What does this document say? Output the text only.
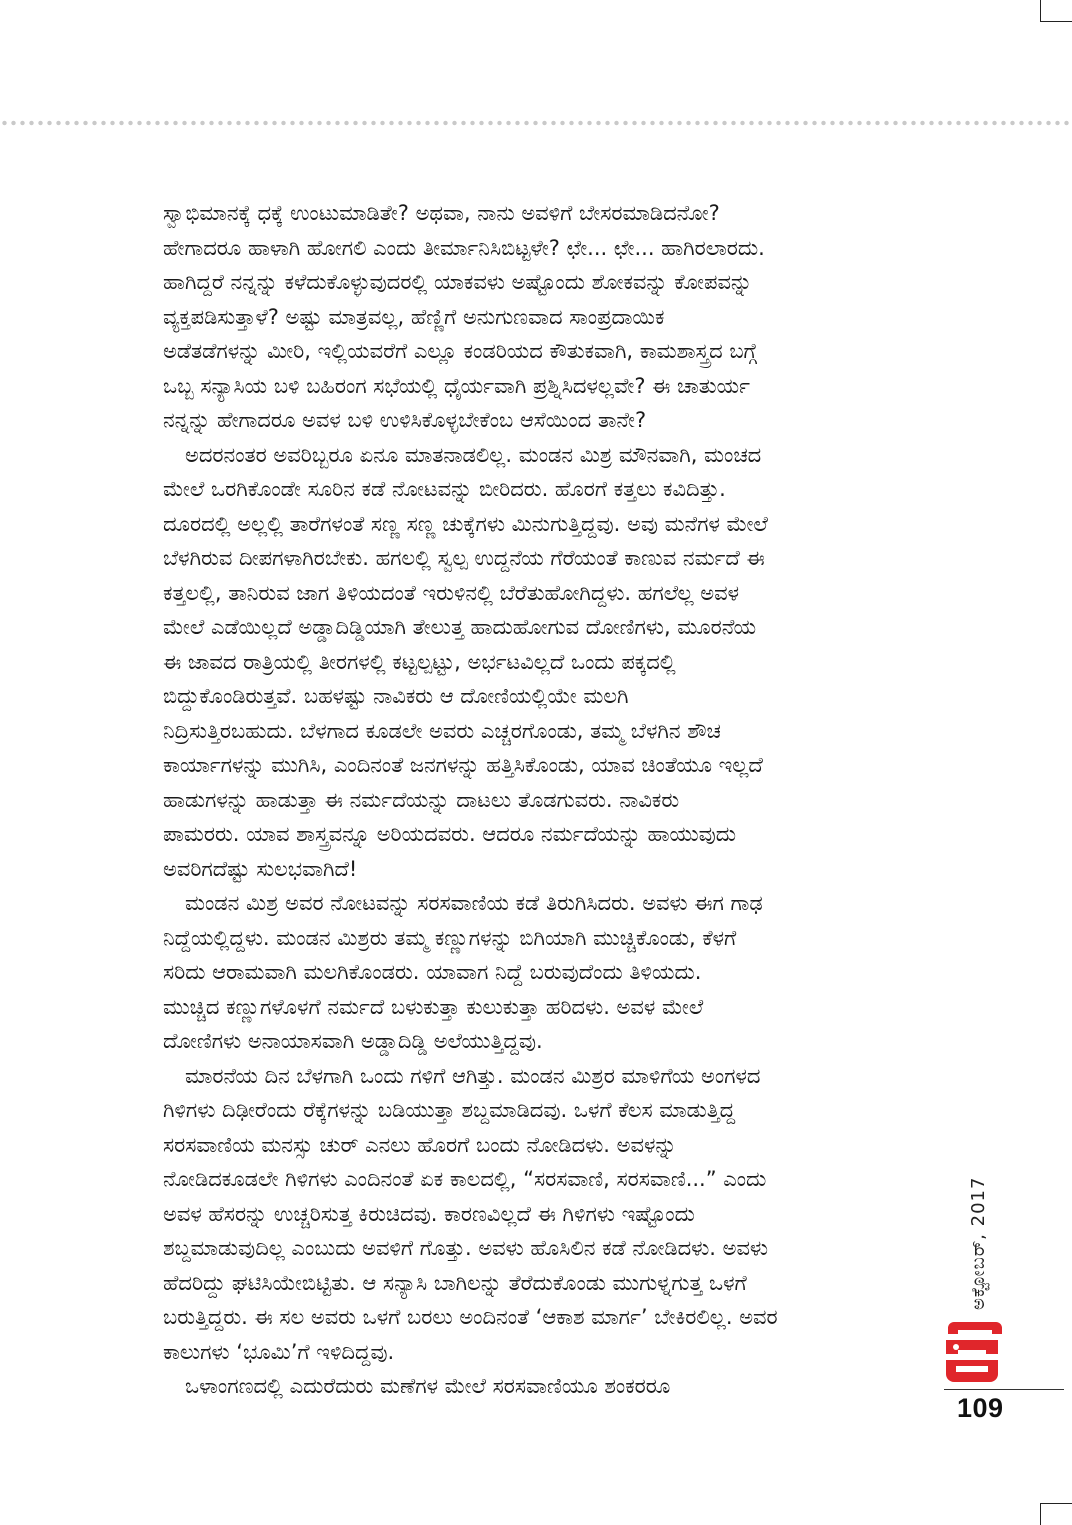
ಸ್ವಾಭಿಮಾನಕ್ಕೆ ಧಕ್ಕೆ ಉಂಟುಮಾಡಿತೇ? ಅಥವಾ, ನಾನು ಅವಳಿಗೆ ಬೇಸರಮಾಡಿದನೋ?
ಹೇಗಾದರೂ ಹಾಳಾಗಿ ಹೋಗಲಿ ಎಂದು ತೀರ್ಮಾನಿಸಿಬಿಟ್ಟಳೇ? ಛೇ... ಛೇ... ಹಾಗಿರಲಾರದು.
ಹಾಗಿದ್ದರೆ ನನ್ನನ್ನು ಕಳೆದುಕೊಳ್ಳುವುದರಲ್ಲಿ ಯಾಕವಳು ಅಷ್ಟೊಂದು ಶೋಕವನ್ನು ಕೋಪವನ್ನು
ವ್ಯಕ್ತಪಡಿಸುತ್ತಾಳೆ? ಅಷ್ಟು ಮಾತ್ರವಲ್ಲ, ಹೆಣ್ಣಿಗೆ ಅನುಗುಣವಾದ ಸಾಂಪ್ರದಾಯಿಕ
ಅಡೆತಡೆಗಳನ್ನು ಮೀರಿ, ಇಲ್ಲಿಯವರೆಗೆ ಎಲ್ಲೂ ಕಂಡರಿಯದ ಕೌತುಕವಾಗಿ, ಕಾಮಶಾಸ್ತ್ರದ ಬಗ್ಗೆ
ಒಬ್ಬ ಸನ್ಯಾಸಿಯ ಬಳಿ ಬಹಿರಂಗ ಸಭೆಯಲ್ಲಿ ಧೈರ್ಯವಾಗಿ ಪ್ರಶ್ನಿಸಿದಳಲ್ಲವೇ? ಈ ಚಾತುರ್ಯ
ನನ್ನನ್ನು ಹೇಗಾದರೂ ಅವಳ ಬಳಿ ಉಳಿಸಿಕೊಳ್ಳಬೇಕೆಂಬ ಆಸೆಯಿಂದ ತಾನೇ?
ಅದರನಂತರ ಅವರಿಬ್ಬರೂ ಏನೂ ಮಾತನಾಡಲಿಲ್ಲ. ಮಂಡನ ಮಿಶ್ರ ಮೌನವಾಗಿ, ಮಂಚದ
ಮೇಲೆ ಒರಗಿಕೊಂಡೇ ಸೂರಿನ ಕಡೆ ನೋಟವನ್ನು ಬೀರಿದರು. ಹೊರಗೆ ಕತ್ತಲು ಕವಿದಿತ್ತು.
ದೂರದಲ್ಲಿ ಅಲ್ಲಲ್ಲಿ ತಾರೆಗಳಂತೆ ಸಣ್ಣ ಸಣ್ಣ ಚುಕ್ಕೆಗಳು ಮಿನುಗುತ್ತಿದ್ದವು. ಅವು ಮನೆಗಳ ಮೇಲೆ
ಬೆಳಗಿರುವ ದೀಪಗಳಾಗಿರಬೇಕು. ಹಗಲಲ್ಲಿ ಸ್ವಲ್ಪ ಉದ್ದನೆಯ ಗೆರೆಯಂತೆ ಕಾಣುವ ನರ್ಮದೆ ಈ
ಕತ್ತಲಲ್ಲಿ, ತಾನಿರುವ ಜಾಗ ತಿಳಿಯದಂತೆ ಇರುಳಿನಲ್ಲಿ ಬೆರೆತುಹೋಗಿದ್ದಳು. ಹಗಲೆಲ್ಲ ಅವಳ
ಮೇಲೆ ಎಡೆಯಿಲ್ಲದೆ ಅಡ್ಡಾದಿಡ್ಡಿಯಾಗಿ ತೇಲುತ್ತ ಹಾದುಹೋಗುವ ದೋಣಿಗಳು, ಮೂರನೆಯ
ಈ ಜಾವದ ರಾತ್ರಿಯಲ್ಲಿ ತೀರಗಳಲ್ಲಿ ಕಟ್ಟಲ್ಪಟ್ಟು, ಅರ್ಭಟವಿಲ್ಲದೆ ಒಂದು ಪಕ್ಕದಲ್ಲಿ
ಬಿದ್ದುಕೊಂಡಿರುತ್ತವೆ. ಬಹಳಷ್ಟು ನಾವಿಕರು ಆ ದೋಣಿಯಲ್ಲಿಯೇ ಮಲಗಿ
ನಿದ್ರಿಸುತ್ತಿರಬಹುದು. ಬೆಳಗಾದ ಕೂಡಲೇ ಅವರು ಎಚ್ಚರಗೊಂಡು, ತಮ್ಮ ಬೆಳಗಿನ ಶೌಚ
ಕಾರ್ಯಾಗಳನ್ನು ಮುಗಿಸಿ, ಎಂದಿನಂತೆ ಜನಗಳನ್ನು ಹತ್ತಿಸಿಕೊಂಡು, ಯಾವ ಚಿಂತೆಯೂ ಇಲ್ಲದೆ
ಹಾಡುಗಳನ್ನು ಹಾಡುತ್ತಾ ಈ ನರ್ಮದೆಯನ್ನು ದಾಟಲು ತೊಡಗುವರು. ನಾವಿಕರು
ಪಾಮರರು. ಯಾವ ಶಾಸ್ತ್ರವನ್ನೂ ಅರಿಯದವರು. ಆದರೂ ನರ್ಮದೆಯನ್ನು ಹಾಯುವುದು
ಅವರಿಗದೆಷ್ಟು ಸುಲಭವಾಗಿದೆ!
ಮಂಡನ ಮಿಶ್ರ ಅವರ ನೋಟವನ್ನು ಸರಸವಾಣಿಯ ಕಡೆ ತಿರುಗಿಸಿದರು. ಅವಳು ಈಗ ಗಾಢ
ನಿದ್ದೆಯಲ್ಲಿದ್ದಳು. ಮಂಡನ ಮಿಶ್ರರು ತಮ್ಮ ಕಣ್ಣುಗಳನ್ನು ಬಿಗಿಯಾಗಿ ಮುಚ್ಚಿಕೊಂಡು, ಕೆಳಗೆ
ಸರಿದು ಆರಾಮವಾಗಿ ಮಲಗಿಕೊಂಡರು. ಯಾವಾಗ ನಿದ್ದೆ ಬರುವುದೆಂದು ತಿಳಿಯದು.
ಮುಚ್ಚಿದ ಕಣ್ಣುಗಳೊಳಗೆ ನರ್ಮದೆ ಬಳುಕುತ್ತಾ ಕುಲುಕುತ್ತಾ ಹರಿದಳು. ಅವಳ ಮೇಲೆ
ದೋಣಿಗಳು ಅನಾಯಾಸವಾಗಿ ಅಡ್ಡಾದಿಡ್ಡಿ ಅಲೆಯುತ್ತಿದ್ದವು.
ಮಾರನೆಯ ದಿನ ಬೆಳಗಾಗಿ ಒಂದು ಗಳಿಗೆ ಆಗಿತ್ತು. ಮಂಡನ ಮಿಶ್ರರ ಮಾಳಿಗೆಯ ಅಂಗಳದ
ಗಿಳಿಗಳು ದಿಢೀರೆಂದು ರೆಕ್ಕೆಗಳನ್ನು ಬಡಿಯುತ್ತಾ ಶಬ್ದಮಾಡಿದವು. ಒಳಗೆ ಕೆಲಸ ಮಾಡುತ್ತಿದ್ದ
ಸರಸವಾಣಿಯ ಮನಸ್ಸು ಚುರ್ ಎನಲು ಹೊರಗೆ ಬಂದು ನೋಡಿದಳು. ಅವಳನ್ನು
ನೋಡಿದಕೂಡಲೇ ಗಿಳಿಗಳು ಎಂದಿನಂತೆ ಏಕ ಕಾಲದಲ್ಲಿ, “ಸರಸವಾಣಿ, ಸರಸವಾಣಿ...” ಎಂದು
ಅವಳ ಹೆಸರನ್ನು ಉಚ್ಚರಿಸುತ್ತ ಕಿರುಚಿದವು. ಕಾರಣವಿಲ್ಲದೆ ಈ ಗಿಳಿಗಳು ಇಷ್ಟೊಂದು
ಶಬ್ದಮಾಡುವುದಿಲ್ಲ ಎಂಬುದು ಅವಳಿಗೆ ಗೊತ್ತು. ಅವಳು ಹೊಸಿಲಿನ ಕಡೆ ನೋಡಿದಳು. ಅವಳು
ಹೆದರಿದ್ದು ಘಟಿಸಿಯೇಬಿಟ್ಟಿತು. ಆ ಸನ್ಯಾಸಿ ಬಾಗಿಲನ್ನು ತೆರೆದುಕೊಂಡು ಮುಗುಳ್ನಗುತ್ತ ಒಳಗೆ
ಬರುತ್ತಿದ್ದರು. ಈ ಸಲ ಅವರು ಒಳಗೆ ಬರಲು ಅಂದಿನಂತೆ ‘ಆಕಾಶ ಮಾರ್ಗ’ ಬೇಕಿರಲಿಲ್ಲ. ಅವರ
ಕಾಲುಗಳು ‘ಭೂಮಿ’ಗೆ ಇಳಿದಿದ್ದವು.
ಒಳಾಂಗಣದಲ್ಲಿ ಎದುರೆದುರು ಮಣೆಗಳ ಮೇಲೆ ಸರಸವಾಣಿಯೂ ಶಂಕರರೂ
ಅಕ್ಟೋಬರ್, 2017
109
